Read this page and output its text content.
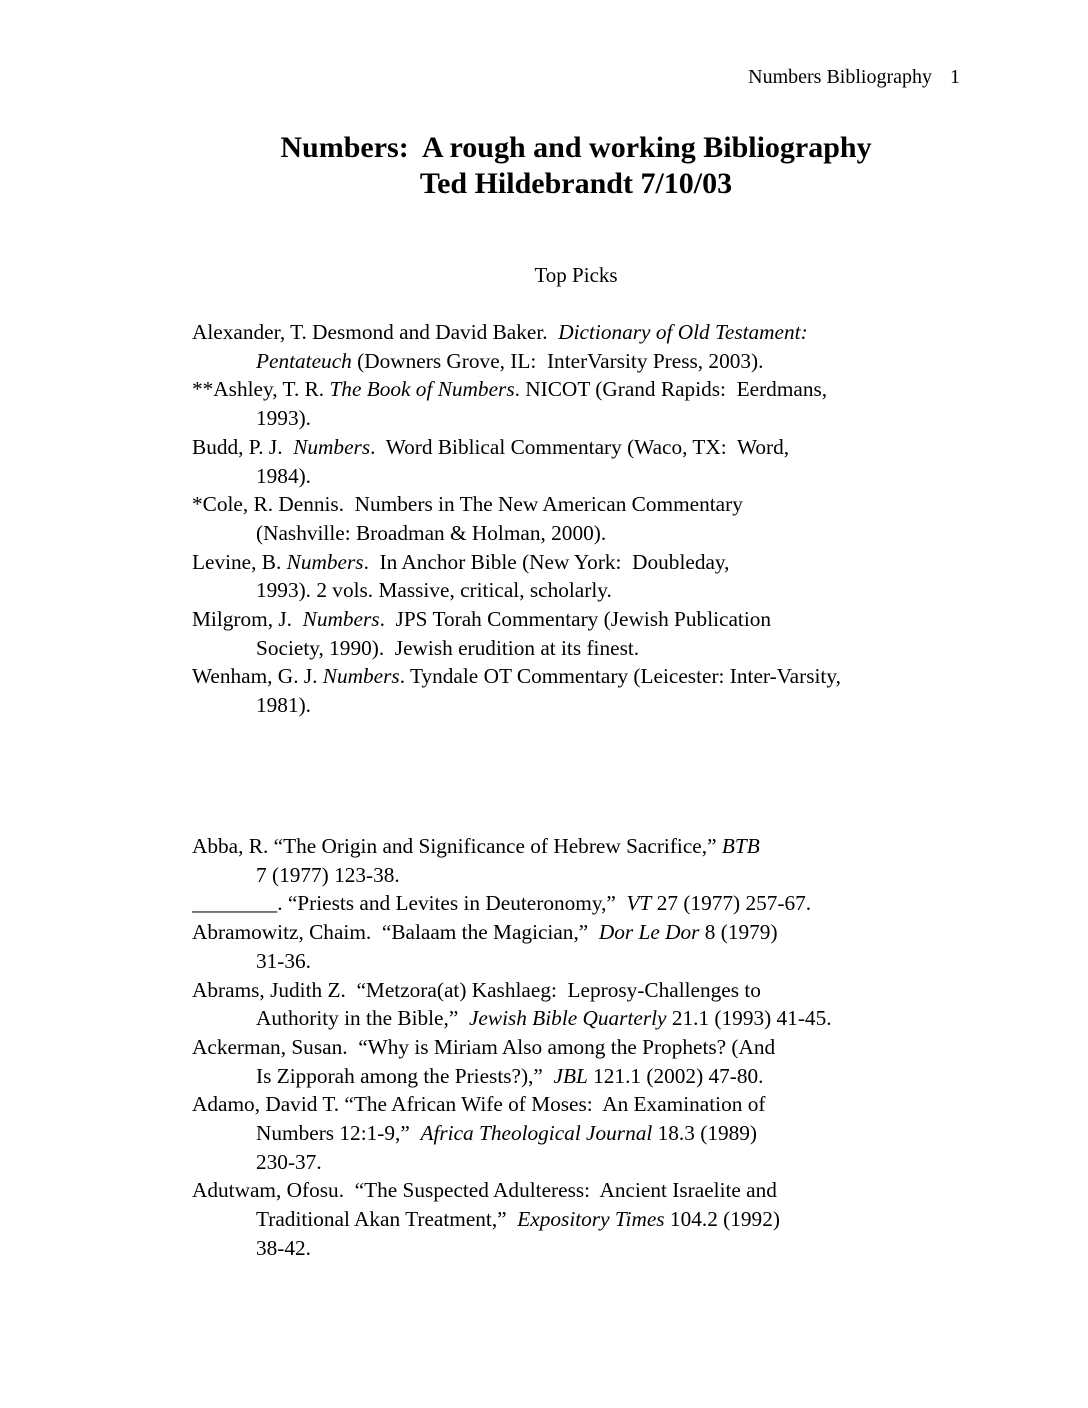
Numbers Bibliography 1
Numbers:  A rough and working Bibliography
Ted Hildebrandt 7/10/03
Top Picks
Alexander, T. Desmond and David Baker.  Dictionary of Old Testament:
Pentateuch (Downers Grove, IL:  InterVarsity Press, 2003).
**Ashley, T. R. The Book of Numbers. NICOT (Grand Rapids:  Eerdmans,
1993).
Budd, P. J.  Numbers.  Word Biblical Commentary (Waco, TX:  Word,
1984).
*Cole, R. Dennis.  Numbers in The New American Commentary
(Nashville: Broadman & Holman, 2000).
Levine, B. Numbers.  In Anchor Bible (New York:  Doubleday,
1993). 2 vols. Massive, critical, scholarly.
Milgrom, J.  Numbers.  JPS Torah Commentary (Jewish Publication
Society, 1990).  Jewish erudition at its finest.
Wenham, G. J. Numbers. Tyndale OT Commentary (Leicester: Inter-Varsity,
1981).
Abba, R. “The Origin and Significance of Hebrew Sacrifice,” BTB
7 (1977) 123-38.
________. “Priests and Levites in Deuteronomy,”  VT 27 (1977) 257-67.
Abramowitz, Chaim.  “Balaam the Magician,”  Dor Le Dor 8 (1979)
31-36.
Abrams, Judith Z.  “Metzora(at) Kashlaeg:  Leprosy-Challenges to
Authority in the Bible,”  Jewish Bible Quarterly 21.1 (1993) 41-45.
Ackerman, Susan.  “Why is Miriam Also among the Prophets? (And
Is Zipporah among the Priests?),”  JBL 121.1 (2002) 47-80.
Adamo, David T. “The African Wife of Moses:  An Examination of
Numbers 12:1-9,”  Africa Theological Journal 18.3 (1989)
230-37.
Adutwam, Ofosu.  “The Suspected Adulteress:  Ancient Israelite and
Traditional Akan Treatment,”  Expository Times 104.2 (1992)
38-42.
